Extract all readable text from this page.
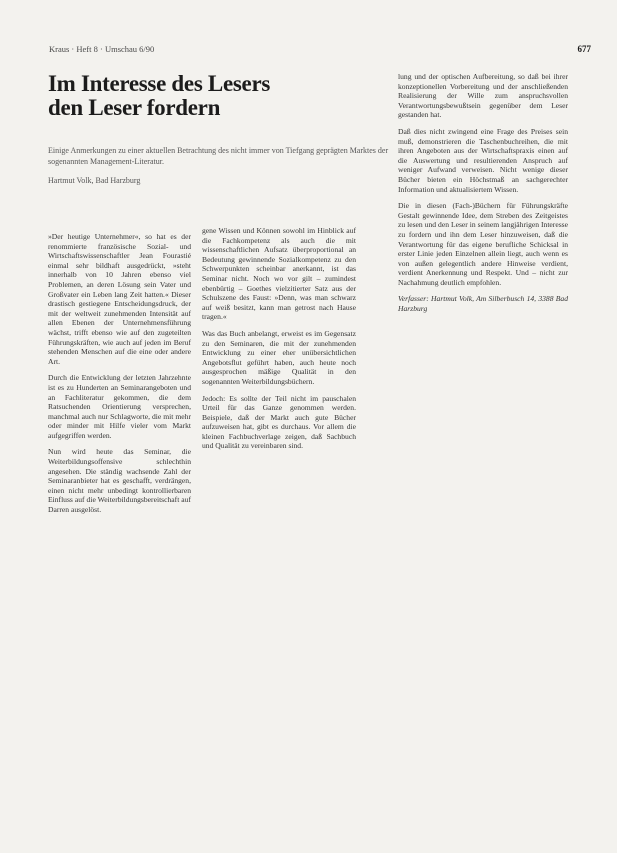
Kraus · Heft 8 · Umschau 6/90	677
Im Interesse des Lesers
den Leser fordern
Einige Anmerkungen zu einer aktuellen Betrachtung des nicht immer von Tiefgang geprägten Marktes der sogenannten Management-Literatur.
Hartmut Volk, Bad Harzburg

»Der heutige Unternehmer«, so hat es der renommierte französische Sozial- und Wirtschaftswissenschaftler Jean Fourastié einmal sehr bildhaft ausgedrückt, »steht innerhalb von 10 Jahren ebenso viel Problemen, an deren Lösung sein Vater und Großvater ein Leben lang Zeit hatten.« Dieser drastisch gestiegene Entscheidungsdruck, der mit der weltweit zunehmenden Intensität auf allen Ebenen der Unternehmensführung wächst, trifft ebenso wie auf den zugeteilten Führungskräften, wie auch auf jeden im Beruf stehenden Menschen auf die eine oder andere Art.

Durch die Entwicklung der letzten Jahrzehnte ist es zu Hunderten an Seminarangeboten und an Fachliteratur gekommen, die dem Ratsuchenden Orientierung versprechen, manchmal auch nur Schlagworte, die mit mehr oder minder mit Hilfe vieler vom Markt aufgegriffen werden.

Nun wird heute das Seminar, die Weiterbildungsoffensive schlechthin angesehen. Die ständig wachsende Zahl der Seminaranbieter hat es geschafft, verdrängen, einen nicht mehr unbedingt kontrollierbaren Einfluss auf die Weiterbildungsbereitschaft auf Darren ausgelöst.

gene Wissen und Können sowohl im Hinblick auf die Fachkompetenz als auch die mit wissenschaftlichen Aufsatz überproportional an Bedeutung gewinnende Sozialkompetenz zu den Schwerpunkten scheinbar anerkannt, ist das Seminar nicht. Noch wo vor gilt – zumindest ebenbürtig – Goethes vielzitierter Satz aus der Schulszene des Faust: »Denn, was man schwarz auf weiß besitzt, kann man getrost nach Hause tragen.«

Was das Buch anbelangt, erweist es im Gegensatz zu den Seminaren, die mit der zunehmenden Entwicklung zu einer eher unübersichtlichen Angebotsflut geführt haben, auch heute noch ausgesprochen mäßige Qualität in den sogenannten Weiterbildungsbüchern.

Jedoch: Es sollte der Teil nicht im pauschalen Urteil für das Ganze genommen werden. Beispiele, daß der Markt auch gute Bücher aufzuweisen hat, gibt es durchaus. Vor allem die kleinen Fachbuchverlage zeigen, daß Sachbuch und Qualität zu vereinbaren sind.

lung und der optischen Aufbereitung, so daß bei ihrer konzeptionellen Vorbereitung und der anschließenden Realisierung der Wille zum anspruchsvollen Verantwortungsbewußtsein gegenüber dem Leser gestanden hat.

Daß dies nicht zwingend eine Frage des Preises sein muß, demonstrieren die Taschenbuchreihen, die mit ihren Angeboten aus der Wirtschaftspraxis einen auf die Auswertung und resultierenden Anspruch auf weniger Aufwand verweisen. Nicht wenige dieser Bücher bieten ein Höchstmaß an sachgerechter Information und aktualisiertem Wissen.

Die in diesen (Fach-)Büchern für Führungskräfte Gestalt gewinnende Idee, dem Streben des Zeitgeistes zu lesen und den Leser in seinem langjährigen Interesse zu fordern und ihn dem Leser hinzuweisen, daß die Verantwortung für das eigene berufliche Schicksal in erster Linie jeden Einzelnen allein liegt, auch wenn es von außen gelegentlich andere Hinweise verdient, verdient Anerkennung und Respekt. Und – nicht zur Nachahmung deutlich empfohlen.

Verfasser: Hartmut Volk, Am Silberbusch 14, 3388 Bad Harzburg
